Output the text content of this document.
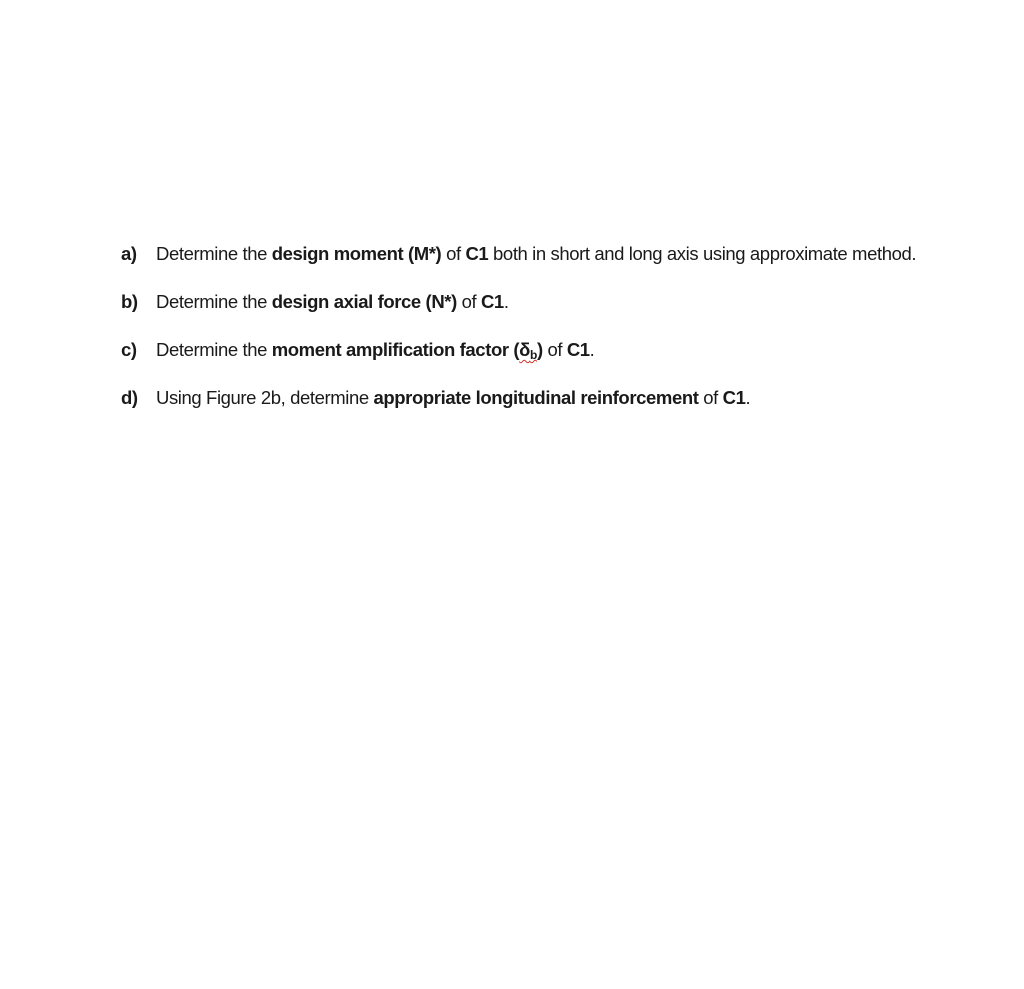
a) Determine the design moment (M*) of C1 both in short and long axis using approximate method.
b) Determine the design axial force (N*) of C1.
c) Determine the moment amplification factor $(\delta_b)$ of C1.
d) Using Figure 2b, determine appropriate longitudinal reinforcement of C1.
